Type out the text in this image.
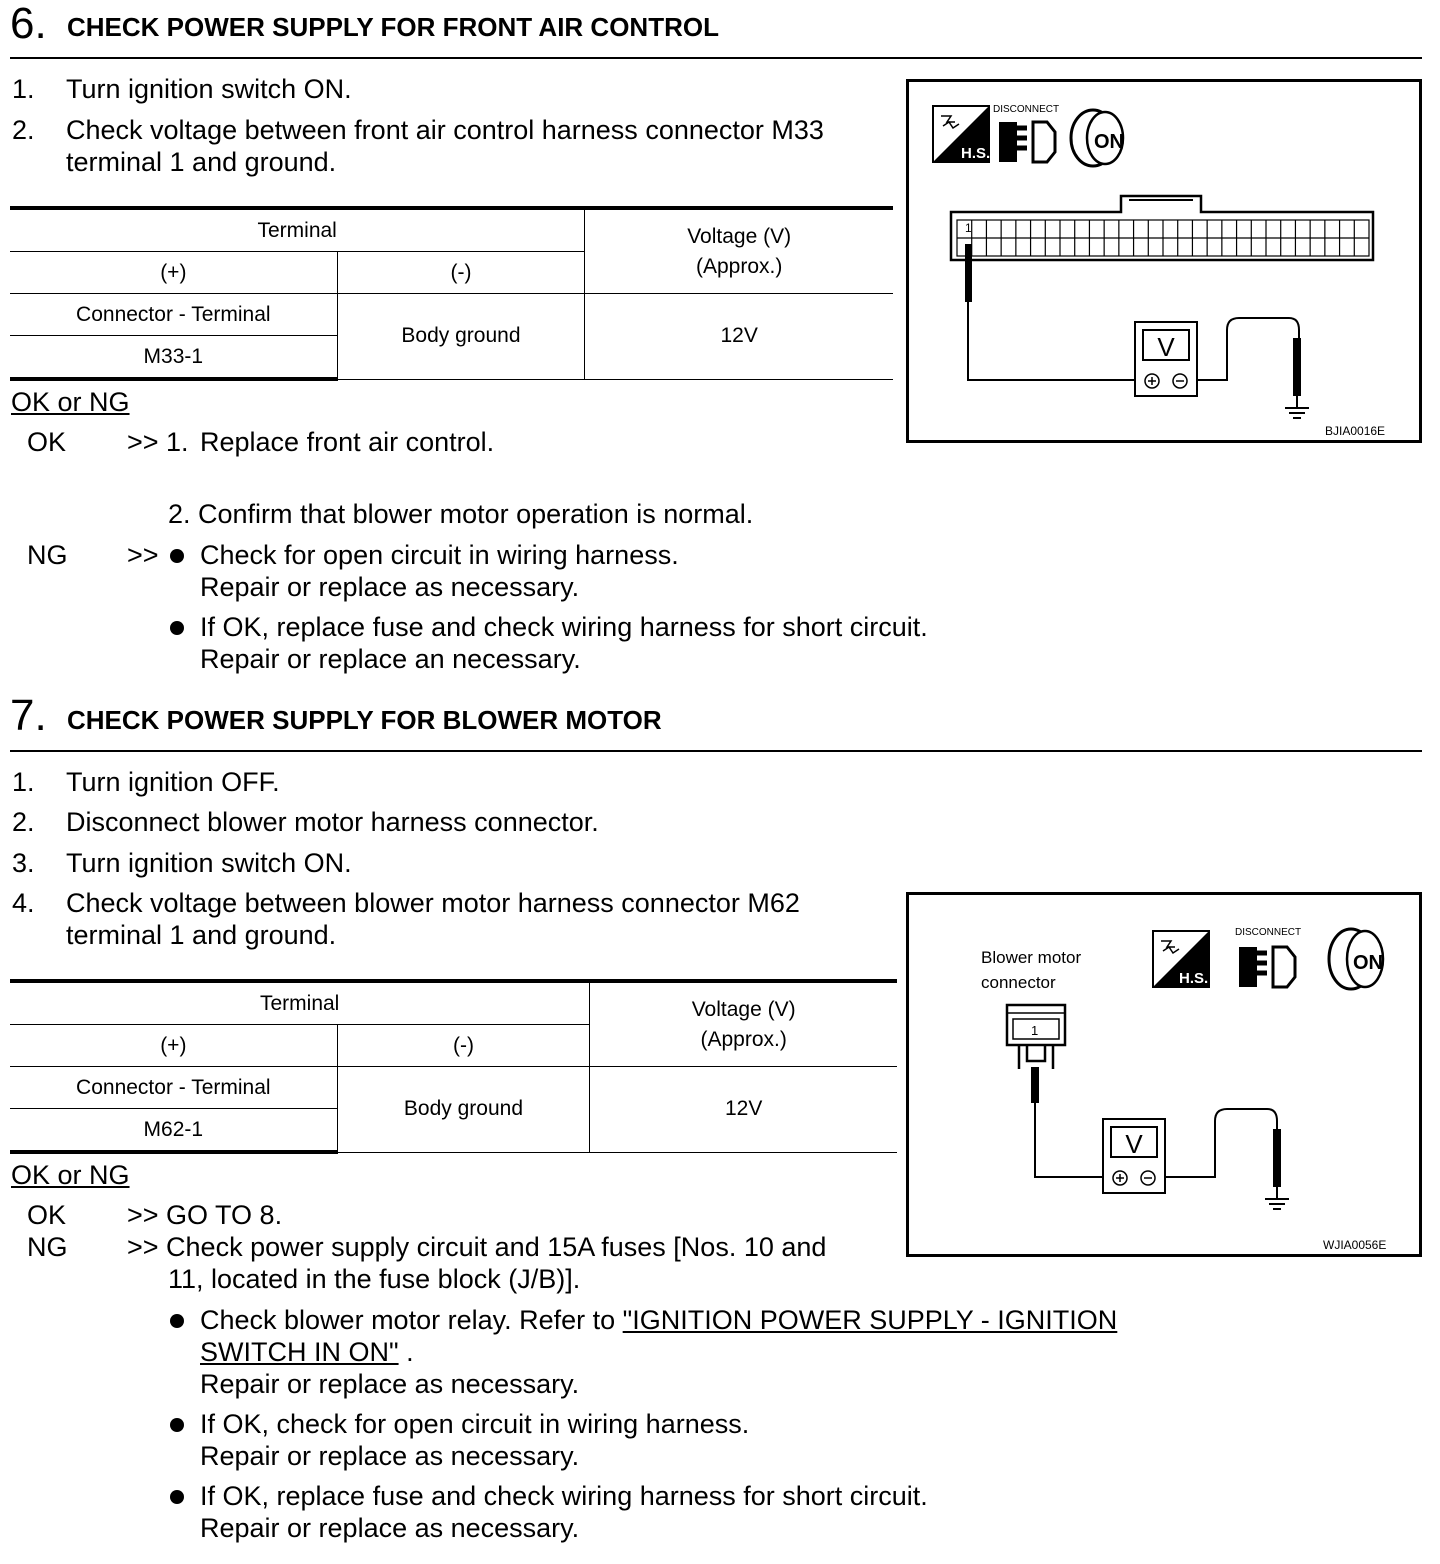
6. CHECK POWER SUPPLY FOR FRONT AIR CONTROL
1. Turn ignition switch ON.
2. Check voltage between front air control harness connector M33
terminal 1 and ground.
Terminal		Voltage (V)
(Approx.)
(+)	(-)	
Connector - Terminal	Body ground	12V
M33-1		
OK or NG
OK >> 1. Replace front air control.
2. Confirm that blower motor operation is normal.
NG >> Check for open circuit in wiring harness.
Repair or replace as necessary.
If OK, replace fuse and check wiring harness for short circuit.
Repair or replace an necessary.
H.S.
DISCONNECT
ON
1
V
BJIA0016E
7. CHECK POWER SUPPLY FOR BLOWER MOTOR
1. Turn ignition OFF.
2. Disconnect blower motor harness connector.
3. Turn ignition switch ON.
4. Check voltage between blower motor harness connector M62
terminal 1 and ground.
Terminal		Voltage (V)
(Approx.)
(+)	(-)	
Connector - Terminal	Body ground	12V
M62-1		
OK or NG
OK >> GO TO 8.
NG >> Check power supply circuit and 15A fuses [Nos. 10 and
11, located in the fuse block (J/B)].
Check blower motor relay. Refer to "IGNITION POWER SUPPLY - IGNITION
SWITCH IN ON" .
Repair or replace as necessary.
If OK, check for open circuit in wiring harness.
Repair or replace as necessary.
If OK, replace fuse and check wiring harness for short circuit.
Repair or replace as necessary.
Blower motor
connector	H.S.
DISCONNECT
ON
1
V
WJIA0056E
